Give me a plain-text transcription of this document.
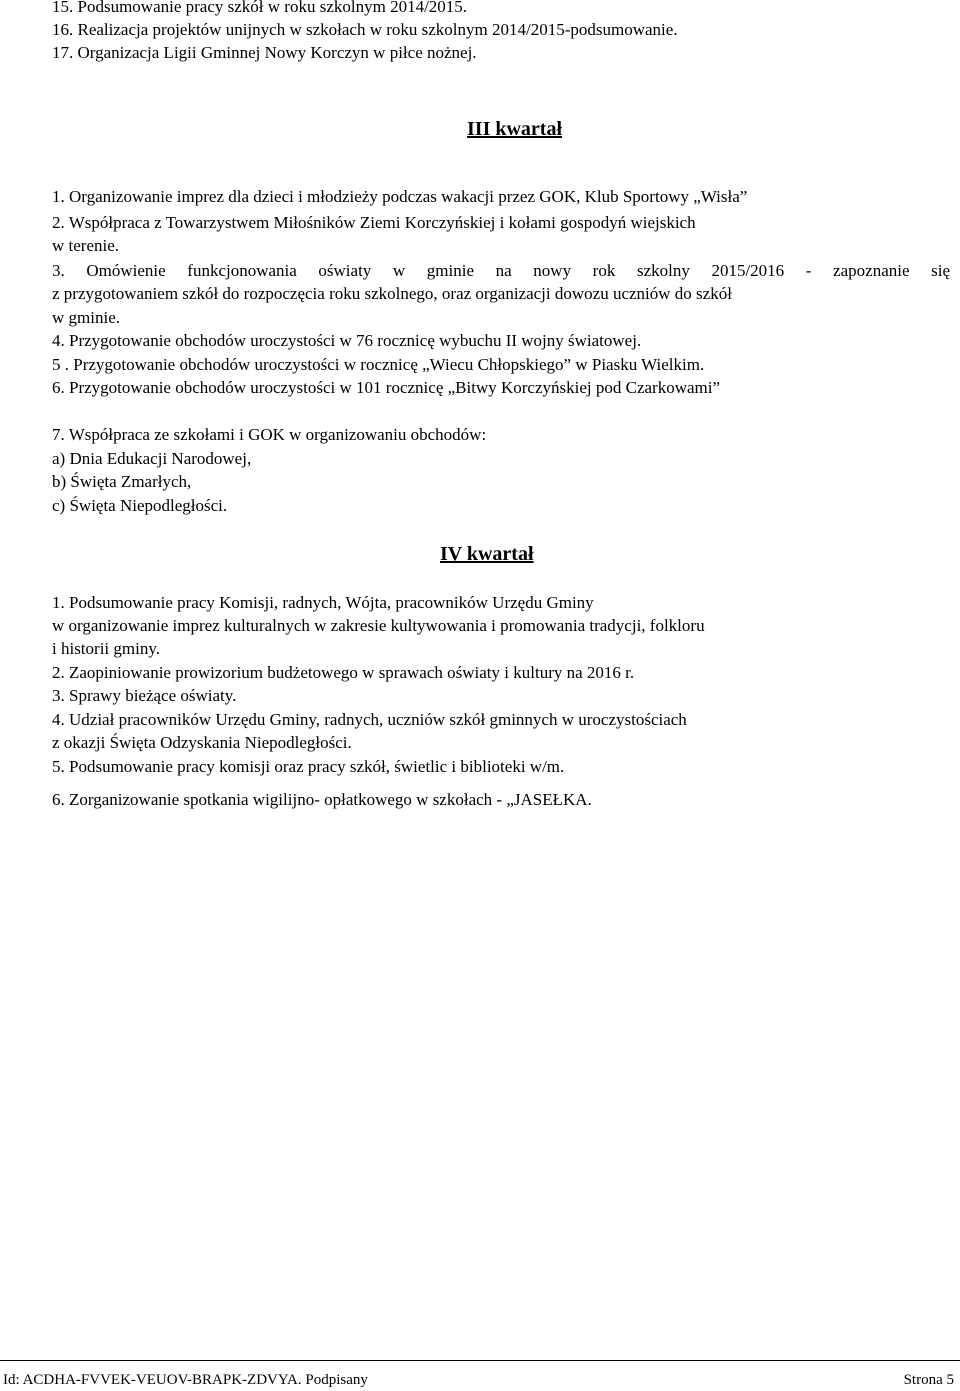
15. Podsumowanie pracy szkół w roku szkolnym 2014/2015.

16. Realizacja projektów unijnych w szkołach w roku szkolnym 2014/2015-podsumowanie.

17. Organizacja Ligii Gminnej Nowy Korczyn w piłce nożnej.

III kwartał

1. Organizowanie imprez dla dzieci i młodzieży podczas wakacji przez GOK, Klub Sportowy „Wisła”

2. Współpraca z Towarzystwem Miłośników Ziemi Korczyńskiej i kołami gospodyń wiejskich

w terenie.

3. Omówienie funkcjonowania oświaty w gminie na nowy rok szkolny 2015/2016 - zapoznanie się

z przygotowaniem szkół do rozpoczęcia roku szkolnego, oraz organizacji dowozu uczniów do szkół

w gminie.

4. Przygotowanie obchodów uroczystości w 76 rocznicę wybuchu II wojny światowej.

5 . Przygotowanie obchodów uroczystości w rocznicę „Wiecu Chłopskiego” w Piasku Wielkim.

6. Przygotowanie obchodów uroczystości w 101 rocznicę „Bitwy Korczyńskiej pod Czarkowami”

7. Współpraca ze szkołami i GOK w organizowaniu obchodów:

a) Dnia Edukacji Narodowej,

b) Święta Zmarłych,

c) Święta Niepodległości.

IV kwartał

1. Podsumowanie pracy Komisji, radnych, Wójta, pracowników Urzędu Gminy

w organizowanie imprez kulturalnych w zakresie kultywowania i promowania tradycji, folkloru

i historii gminy.

2. Zaopiniowanie prowizorium budżetowego w sprawach oświaty i kultury na 2016 r.

3. Sprawy bieżące oświaty.

4. Udział pracowników Urzędu Gminy, radnych, uczniów szkół gminnych w uroczystościach

z okazji Święta Odzyskania Niepodległości.

5. Podsumowanie pracy komisji oraz pracy szkół, świetlic i biblioteki w/m.

6. Zorganizowanie spotkania wigilijno- opłatkowego w szkołach - „JASEŁKA.

Id: ACDHA-FVVEK-VEUOV-BRAPK-ZDVYA. Podpisany	Strona 5
